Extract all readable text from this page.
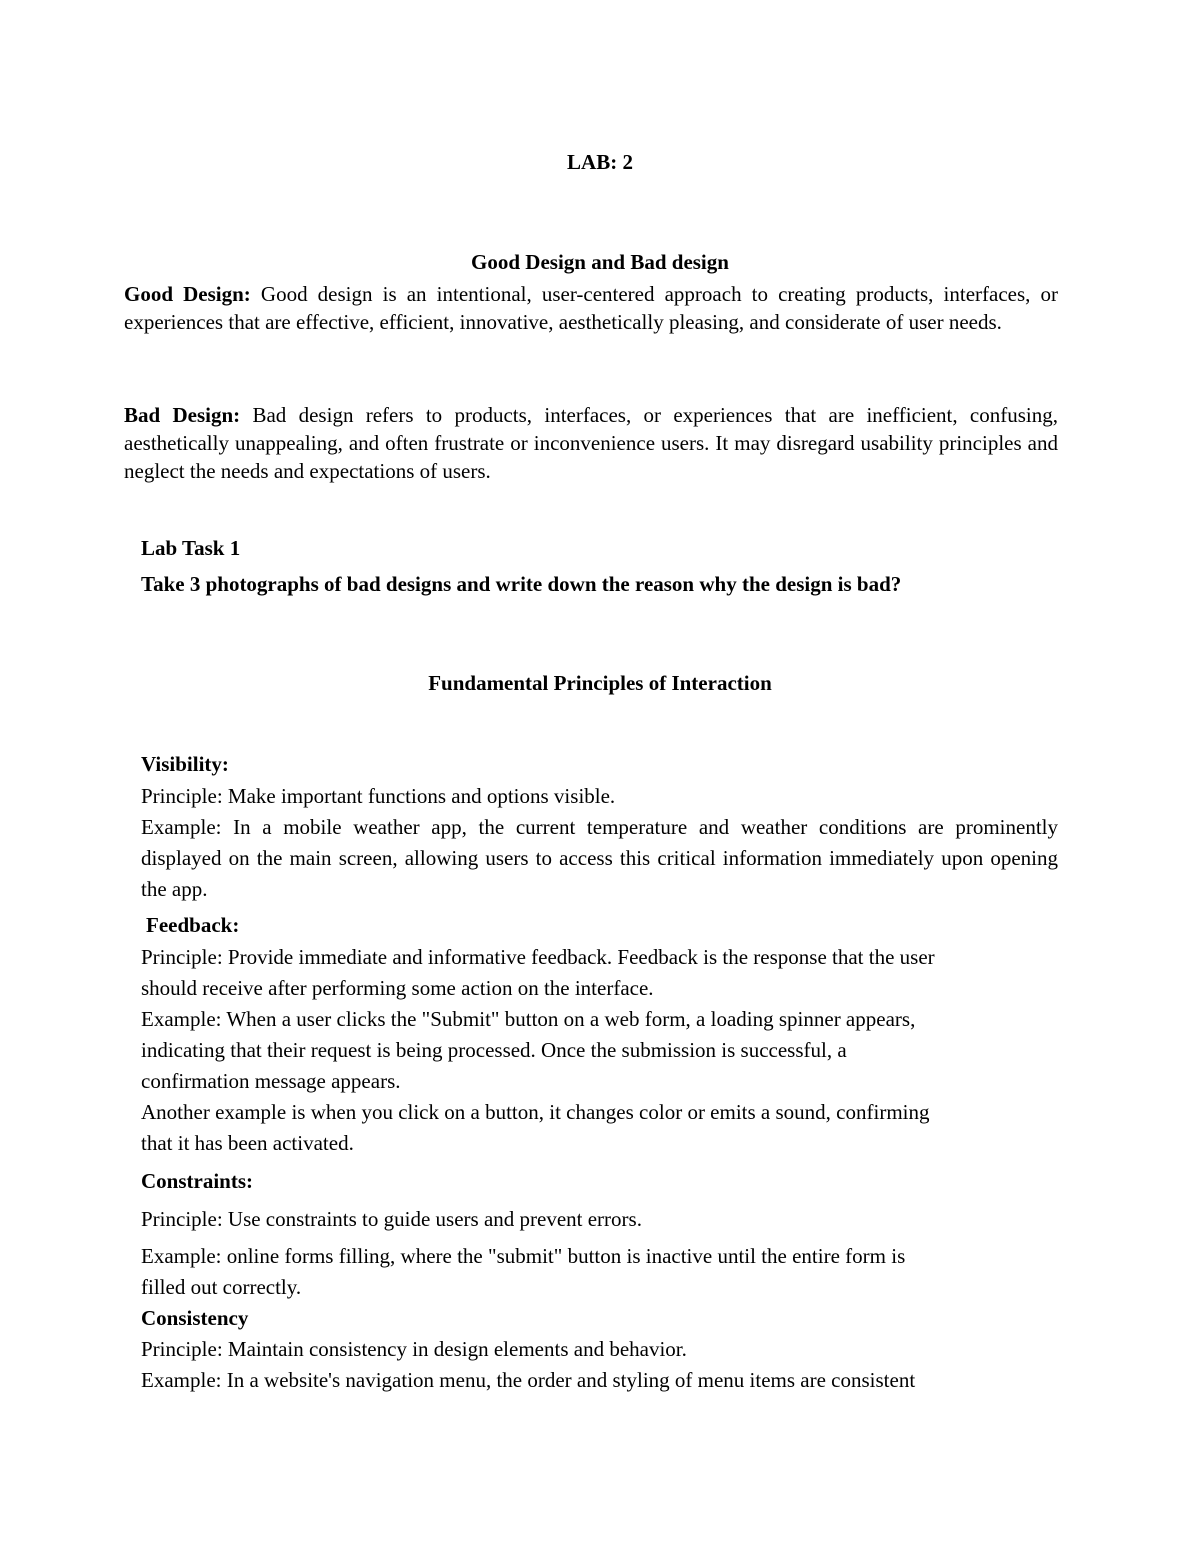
LAB: 2
Good Design and Bad design

Good Design: Good design is an intentional, user-centered approach to creating products, interfaces, or experiences that are effective, efficient, innovative, aesthetically pleasing, and considerate of user needs.

Bad Design: Bad design refers to products, interfaces, or experiences that are inefficient, confusing, aesthetically unappealing, and often frustrate or inconvenience users. It may disregard usability principles and neglect the needs and expectations of users.

Lab Task 1
Take 3 photographs of bad designs and write down the reason why the design is bad?
Fundamental Principles of Interaction
Visibility:
Principle: Make important functions and options visible.

Example: In a mobile weather app, the current temperature and weather conditions are prominently displayed on the main screen, allowing users to access this critical information immediately upon opening the app.

Feedback:
Principle: Provide immediate and informative feedback. Feedback is the response that the user
should receive after performing some action on the interface.
Example: When a user clicks the "Submit" button on a web form, a loading spinner appears,
indicating that their request is being processed. Once the submission is successful, a
confirmation message appears.
Another example is when you click on a button, it changes color or emits a sound, confirming
that it has been activated.
Constraints:
Principle: Use constraints to guide users and prevent errors.
Example: online forms filling, where the "submit" button is inactive until the entire form is
filled out correctly.
Consistency
Principle: Maintain consistency in design elements and behavior.
Example: In a website's navigation menu, the order and styling of menu items are consistent
